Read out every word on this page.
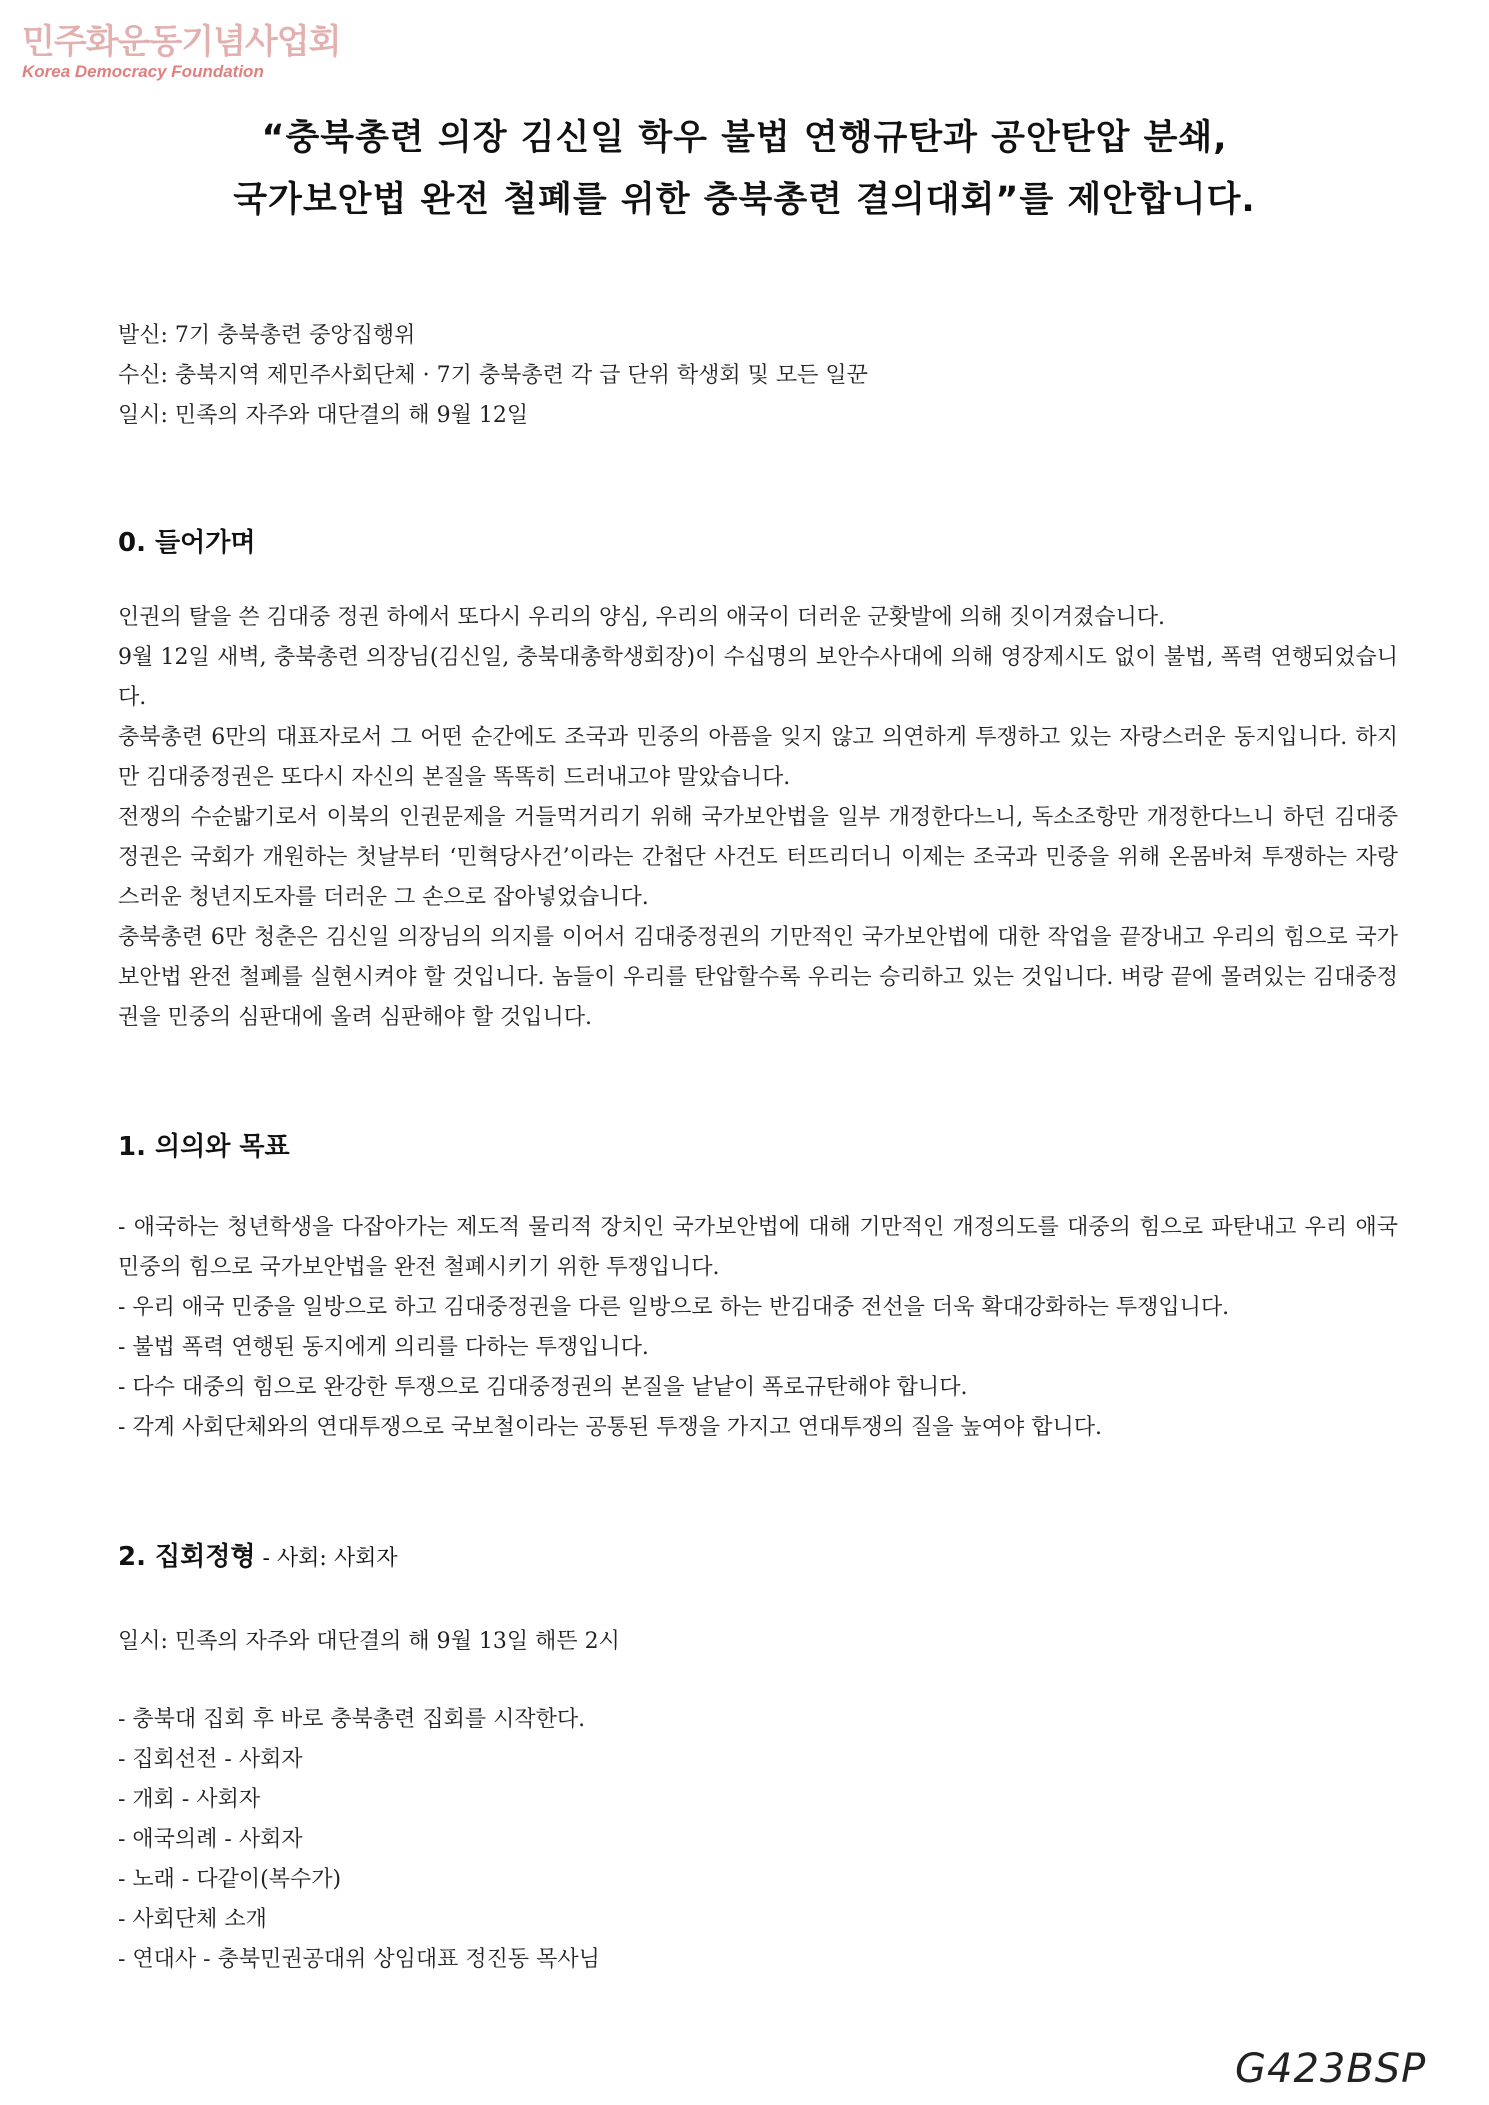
민주화운동기념사업회
Korea Democracy Foundation
“충북총련 의장 김신일 학우 불법 연행규탄과 공안탄압 분쇄,
국가보안법 완전 철폐를 위한 충북총련 결의대회”를 제안합니다.
발신: 7기 충북총련 중앙집행위
수신: 충북지역 제민주사회단체 · 7기 충북총련 각 급 단위 학생회 및 모든 일꾼
일시: 민족의 자주와 대단결의 해 9월 12일
0. 들어가며

인권의 탈을 쓴 김대중 정권 하에서 또다시 우리의 양심, 우리의 애국이 더러운 군홧발에 의해 짓이겨졌습니다.

9월 12일 새벽, 충북총련 의장님(김신일, 충북대총학생회장)이 수십명의 보안수사대에 의해 영장제시도 없이 불법, 폭력 연행되었습니다.

충북총련 6만의 대표자로서 그 어떤 순간에도 조국과 민중의 아픔을 잊지 않고 의연하게 투쟁하고 있는 자랑스러운 동지입니다. 하지만 김대중정권은 또다시 자신의 본질을 똑똑히 드러내고야 말았습니다.

전쟁의 수순밟기로서 이북의 인권문제을 거들먹거리기 위해 국가보안법을 일부 개정한다느니, 독소조항만 개정한다느니 하던 김대중정권은 국회가 개원하는 첫날부터 ‘민혁당사건’이라는 간첩단 사건도 터뜨리더니 이제는 조국과 민중을 위해 온몸바쳐 투쟁하는 자랑스러운 청년지도자를 더러운 그 손으로 잡아넣었습니다.

충북총련 6만 청춘은 김신일 의장님의 의지를 이어서 김대중정권의 기만적인 국가보안법에 대한 작업을 끝장내고 우리의 힘으로 국가보안법 완전 철폐를 실현시켜야 할 것입니다. 놈들이 우리를 탄압할수록 우리는 승리하고 있는 것입니다. 벼랑 끝에 몰려있는 김대중정권을 민중의 심판대에 올려 심판해야 할 것입니다.

1. 의의와 목표

- 애국하는 청년학생을 다잡아가는 제도적 물리적 장치인 국가보안법에 대해 기만적인 개정의도를 대중의 힘으로 파탄내고 우리 애국민중의 힘으로 국가보안법을 완전 철폐시키기 위한 투쟁입니다.

- 우리 애국 민중을 일방으로 하고 김대중정권을 다른 일방으로 하는 반김대중 전선을 더욱 확대강화하는 투쟁입니다.

- 불법 폭력 연행된 동지에게 의리를 다하는 투쟁입니다.

- 다수 대중의 힘으로 완강한 투쟁으로 김대중정권의 본질을 낱낱이 폭로규탄해야 합니다.

- 각계 사회단체와의 연대투쟁으로 국보철이라는 공통된 투쟁을 가지고 연대투쟁의 질을 높여야 합니다.

2. 집회정형 - 사회: 사회자
일시: 민족의 자주와 대단결의 해 9월 13일 해뜬 2시
- 충북대 집회 후 바로 충북총련 집회를 시작한다.
- 집회선전 - 사회자
- 개회 - 사회자
- 애국의례 - 사회자
- 노래 - 다같이(복수가)
- 사회단체 소개
- 연대사 - 충북민권공대위 상임대표 정진동 목사님
G423BSP
